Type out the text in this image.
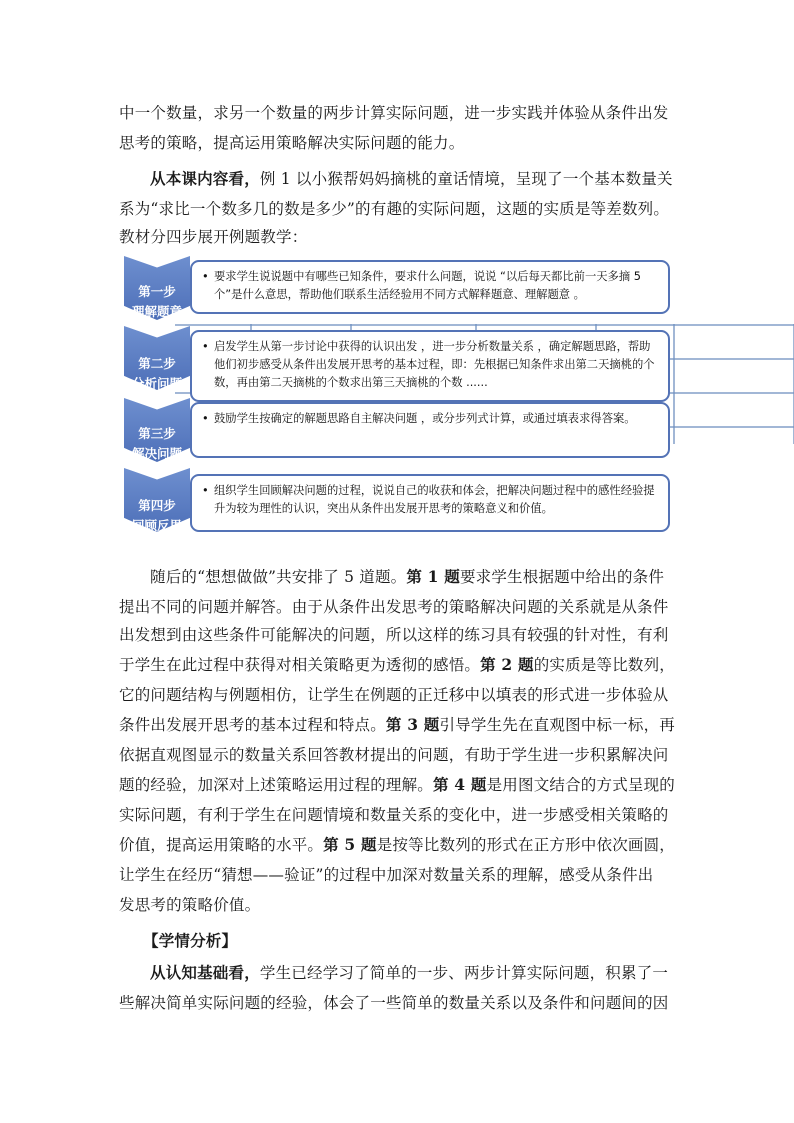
中一个数量，求另一个数量的两步计算实际问题，进一步实践并体验从条件出发
思考的策略，提高运用策略解决实际问题的能力。
从本课内容看，例 1 以小猴帮妈妈摘桃的童话情境，呈现了一个基本数量关
系为“求比一个数多几的数是多少”的有趣的实际问题，这题的实质是等差数列。
教材分四步展开例题教学：
第一步
理解题意
• 要求学生说说题中有哪些已知条件，要求什么问题，说说 “以后每天都比前一天多摘 5 个”是什么意思，帮助他们联系生活经验用不同方式解释题意、理解题意 。
第二步
分析问题
• 启发学生从第一步讨论中获得的认识出发 ，进一步分析数量关系 ，确定解题思路，帮助他们初步感受从条件出发展开思考的基本过程，即：先根据已知条件求出第二天摘桃的个数，再由第二天摘桃的个数求出第三天摘桃的个数 ......
第三步
解决问题
• 鼓励学生按确定的解题思路自主解决问题 ，或分步列式计算，或通过填表求得答案。
第四步
回顾反思
• 组织学生回顾解决问题的过程，说说自己的收获和体会，把解决问题过程中的感性经验提升为较为理性的认识，突出从条件出发展开思考的策略意义和价值。
随后的“想想做做”共安排了 5 道题。第 1 题要求学生根据题中给出的条件
提出不同的问题并解答。由于从条件出发思考的策略解决问题的关系就是从条件
出发想到由这些条件可能解决的问题，所以这样的练习具有较强的针对性，有利
于学生在此过程中获得对相关策略更为透彻的感悟。第 2 题的实质是等比数列，
它的问题结构与例题相仿，让学生在例题的正迁移中以填表的形式进一步体验从
条件出发展开思考的基本过程和特点。第 3 题引导学生先在直观图中标一标，再
依据直观图显示的数量关系回答教材提出的问题，有助于学生进一步积累解决问
题的经验，加深对上述策略运用过程的理解。第 4 题是用图文结合的方式呈现的
实际问题，有利于学生在问题情境和数量关系的变化中，进一步感受相关策略的
价值，提高运用策略的水平。第 5 题是按等比数列的形式在正方形中依次画圆，
让学生在经历“猜想——验证”的过程中加深对数量关系的理解，感受从条件出
发思考的策略价值。
【学情分析】
从认知基础看，学生已经学习了简单的一步、两步计算实际问题，积累了一
些解决简单实际问题的经验，体会了一些简单的数量关系以及条件和问题间的因
